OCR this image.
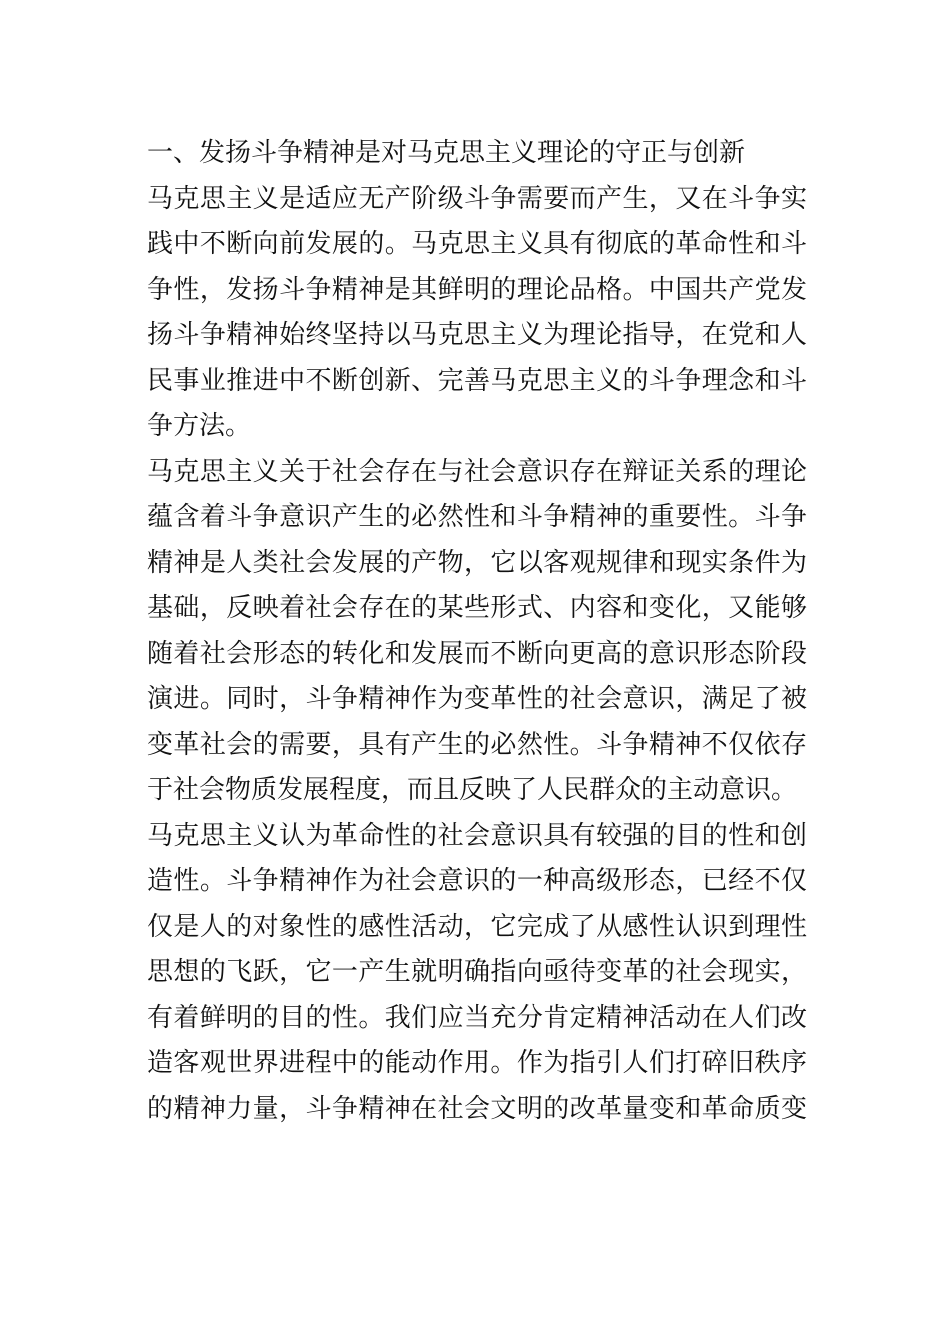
一、发扬斗争精神是对马克思主义理论的守正与创新
马克思主义是适应无产阶级斗争需要而产生，又在斗争实
践中不断向前发展的。马克思主义具有彻底的革命性和斗
争性，发扬斗争精神是其鲜明的理论品格。中国共产党发
扬斗争精神始终坚持以马克思主义为理论指导，在党和人
民事业推进中不断创新、完善马克思主义的斗争理念和斗
争方法。
马克思主义关于社会存在与社会意识存在辩证关系的理论
蕴含着斗争意识产生的必然性和斗争精神的重要性。斗争
精神是人类社会发展的产物，它以客观规律和现实条件为
基础，反映着社会存在的某些形式、内容和变化，又能够
随着社会形态的转化和发展而不断向更高的意识形态阶段
演进。同时，斗争精神作为变革性的社会意识，满足了被
变革社会的需要，具有产生的必然性。斗争精神不仅依存
于社会物质发展程度，而且反映了人民群众的主动意识。
马克思主义认为革命性的社会意识具有较强的目的性和创
造性。斗争精神作为社会意识的一种高级形态，已经不仅
仅是人的对象性的感性活动，它完成了从感性认识到理性
思想的飞跃，它一产生就明确指向亟待变革的社会现实，
有着鲜明的目的性。我们应当充分肯定精神活动在人们改
造客观世界进程中的能动作用。作为指引人们打碎旧秩序
的精神力量，斗争精神在社会文明的改革量变和革命质变
